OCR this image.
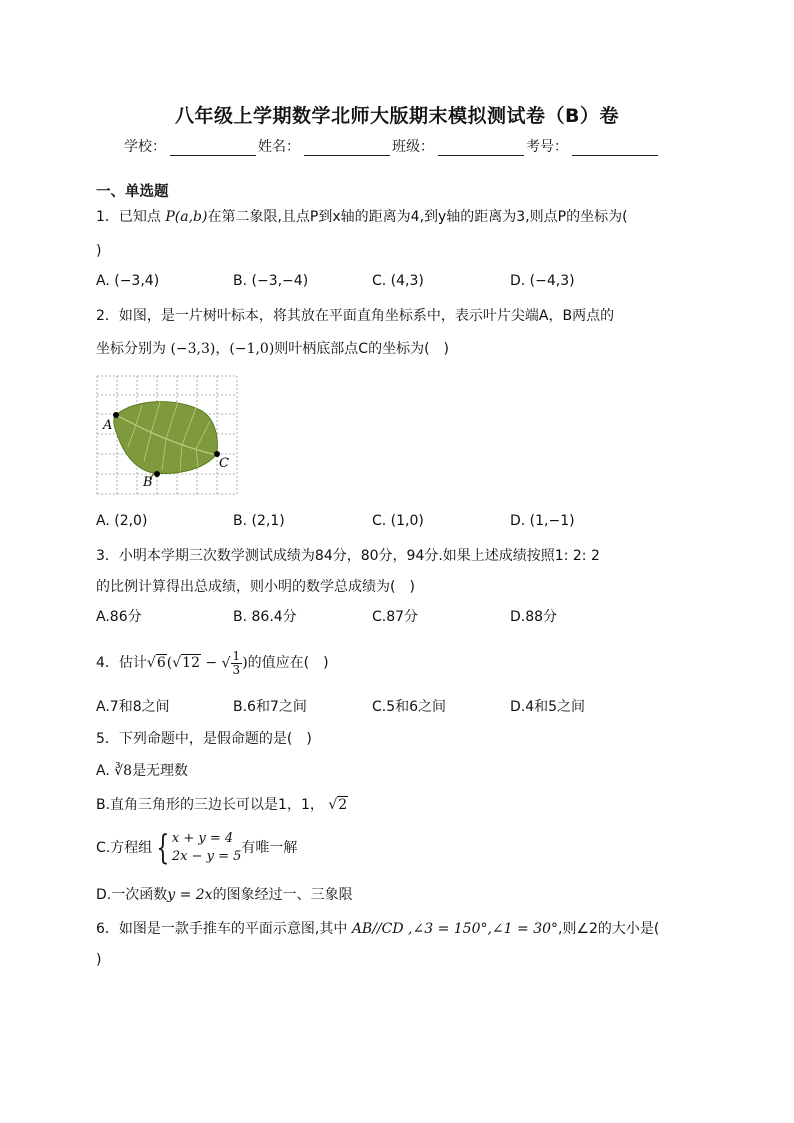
八年级上学期数学北师大版期末模拟测试卷（B）卷
学校：	姓名：	班级：	考号：
一、单选题
1．已知点 P(a,b)在第二象限,且点P到x轴的距离为4,到y轴的距离为3,则点P的坐标为(
)
A. (−3,4)	B. (−3,−4)	C. (4,3)	D. (−4,3)
2．如图，是一片树叶标本，将其放在平面直角坐标系中，表示叶片尖端A，B两点的
坐标分别为 (−3,3)，(−1,0)则叶柄底部点C的坐标为(　)
A
B
C
A. (2,0)	B. (2,1)	C. (1,0)	D. (1,−1)
3．小明本学期三次数学测试成绩为84分，80分，94分.如果上述成绩按照1: 2: 2
的比例计算得出总成绩，则小明的数学总成绩为(　)
A.86分	B. 86.4分	C.87分	D.88分
4．估计 √6 ( √12 − √ $\frac{1}{3}$ ) 的值应在(　)
A.7和8之间	B.6和7之间	C.5和6之间	D.4和5之间
5．下列命题中，是假命题的是(　)
A. ∛8是无理数
B.直角三角形的三边长可以是1，1， √2
C.方程组 { x + y = 4
2x − y = 5
有唯一解
D.一次函数y = 2x的图象经过一、三象限
6．如图是一款手推车的平面示意图,其中 AB//CD ,∠3 = 150°,∠1 = 30°,则∠2的大小是(
)
